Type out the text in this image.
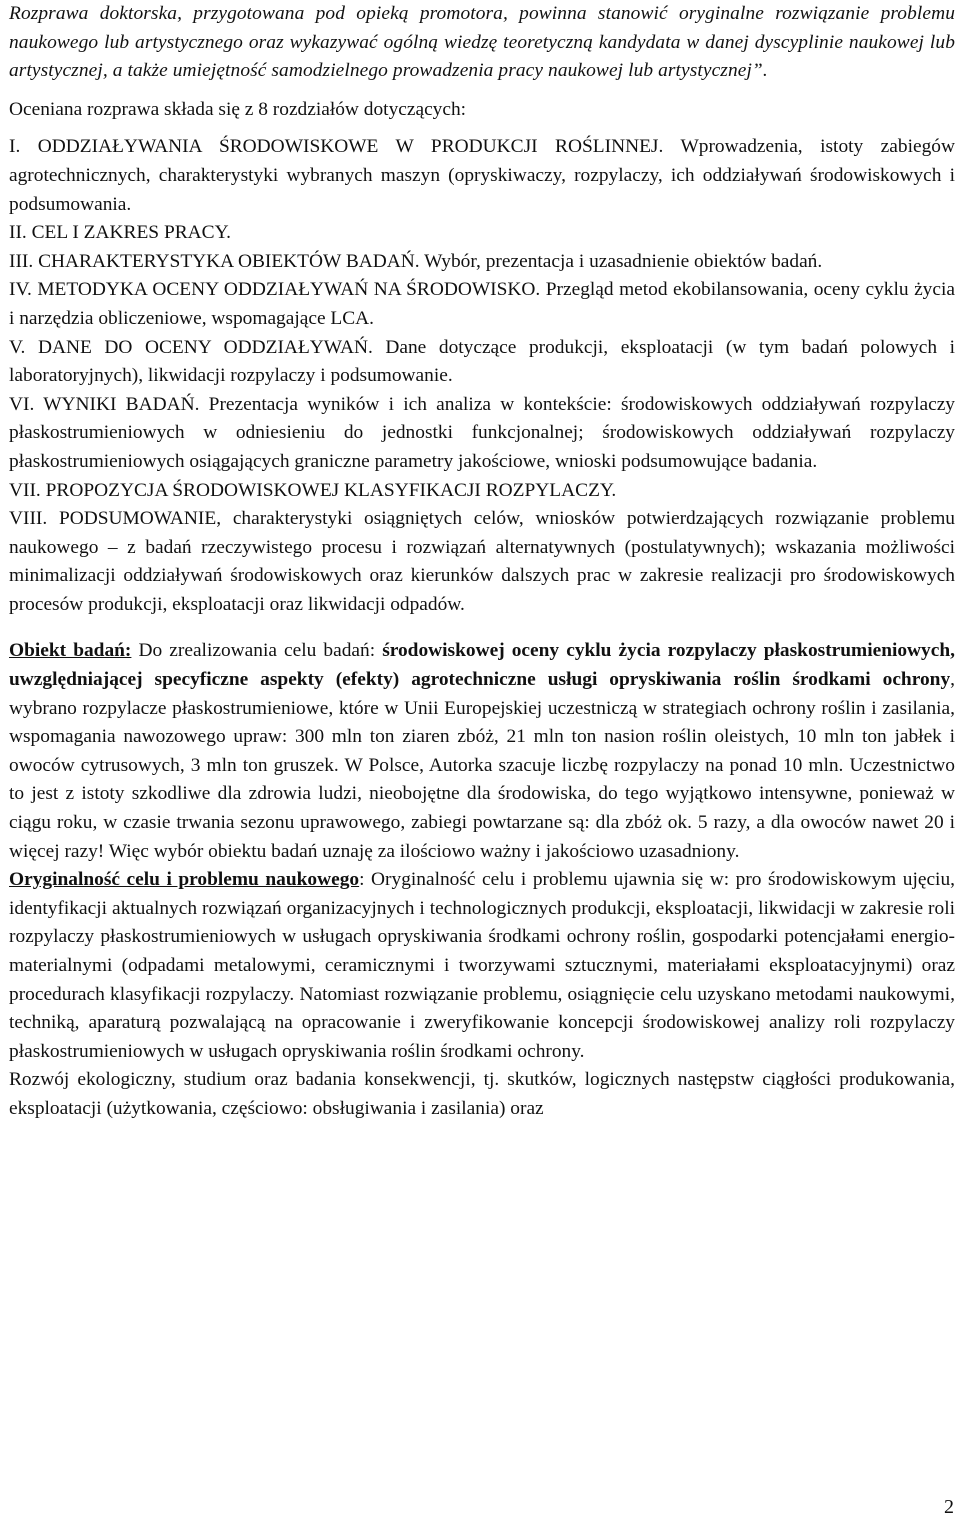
Rozprawa doktorska, przygotowana pod opieką promotora, powinna stanowić oryginalne rozwiązanie problemu naukowego lub artystycznego oraz wykazywać ogólną wiedzę teoretyczną kandydata w danej dyscyplinie naukowej lub artystycznej, a także umiejętność samodzielnego prowadzenia pracy naukowej lub artystycznej”.

Oceniana rozprawa składa się z 8 rozdziałów dotyczących:

I. ODDZIAŁYWANIA ŚRODOWISKOWE W PRODUKCJI ROŚLINNEJ. Wprowadzenia, istoty zabiegów agrotechnicznych, charakterystyki wybranych maszyn (opryskiwaczy, rozpylaczy, ich oddziaływań środowiskowych i podsumowania.

II. CEL I ZAKRES PRACY.

III. CHARAKTERYSTYKA OBIEKTÓW BADAŃ. Wybór, prezentacja i uzasadnienie obiektów badań.

IV. METODYKA OCENY ODDZIAŁYWAŃ NA ŚRODOWISKO. Przegląd metod ekobilansowania, oceny cyklu życia i narzędzia obliczeniowe, wspomagające LCA.

V. DANE DO OCENY ODDZIAŁYWAŃ. Dane dotyczące produkcji, eksploatacji (w tym badań polowych i laboratoryjnych), likwidacji rozpylaczy i podsumowanie.

VI. WYNIKI BADAŃ. Prezentacja wyników i ich analiza w kontekście: środowiskowych oddziaływań rozpylaczy płaskostrumieniowych w odniesieniu do jednostki funkcjonalnej; środowiskowych oddziaływań rozpylaczy płaskostrumieniowych osiągających graniczne parametry jakościowe, wnioski podsumowujące badania.

VII. PROPOZYCJA ŚRODOWISKOWEJ KLASYFIKACJI ROZPYLACZY.

VIII. PODSUMOWANIE, charakterystyki osiągniętych celów, wniosków potwierdzających rozwiązanie problemu naukowego – z badań rzeczywistego procesu i rozwiązań alternatywnych (postulatywnych); wskazania możliwości minimalizacji oddziaływań środowiskowych oraz kierunków dalszych prac w zakresie realizacji pro środowiskowych procesów produkcji, eksploatacji oraz likwidacji odpadów.

Obiekt badań: Do zrealizowania celu badań: środowiskowej oceny cyklu życia rozpylaczy płaskostrumieniowych, uwzględniającej specyficzne aspekty (efekty) agrotechniczne usługi opryskiwania roślin środkami ochrony, wybrano rozpylacze płaskostrumieniowe, które w Unii Europejskiej uczestniczą w strategiach ochrony roślin i zasilania, wspomagania nawozowego upraw: 300 mln ton ziaren zbóż, 21 mln ton nasion roślin oleistych, 10 mln ton jabłek i owoców cytrusowych, 3 mln ton gruszek. W Polsce, Autorka szacuje liczbę rozpylaczy na ponad 10 mln. Uczestnictwo to jest z istoty szkodliwe dla zdrowia ludzi, nieobojętne dla środowiska, do tego wyjątkowo intensywne, ponieważ w ciągu roku, w czasie trwania sezonu uprawowego, zabiegi powtarzane są: dla zbóż ok. 5 razy, a dla owoców nawet 20 i więcej razy! Więc wybór obiektu badań uznaję za ilościowo ważny i jakościowo uzasadniony.

Oryginalność celu i problemu naukowego: Oryginalność celu i problemu ujawnia się w: pro środowiskowym ujęciu, identyfikacji aktualnych rozwiązań organizacyjnych i technologicznych produkcji, eksploatacji, likwidacji w zakresie roli rozpylaczy płaskostrumieniowych w usługach opryskiwania środkami ochrony roślin, gospodarki potencjałami energio-materialnymi (odpadami metalowymi, ceramicznymi i tworzywami sztucznymi, materiałami eksploatacyjnymi) oraz procedurach klasyfikacji rozpylaczy. Natomiast rozwiązanie problemu, osiągnięcie celu uzyskano metodami naukowymi, techniką, aparaturą pozwalającą na opracowanie i zweryfikowanie koncepcji środowiskowej analizy roli rozpylaczy płaskostrumieniowych w usługach opryskiwania roślin środkami ochrony.

Rozwój ekologiczny, studium oraz badania konsekwencji, tj. skutków, logicznych następstw ciągłości produkowania, eksploatacji (użytkowania, częściowo: obsługiwania i zasilania) oraz

2
